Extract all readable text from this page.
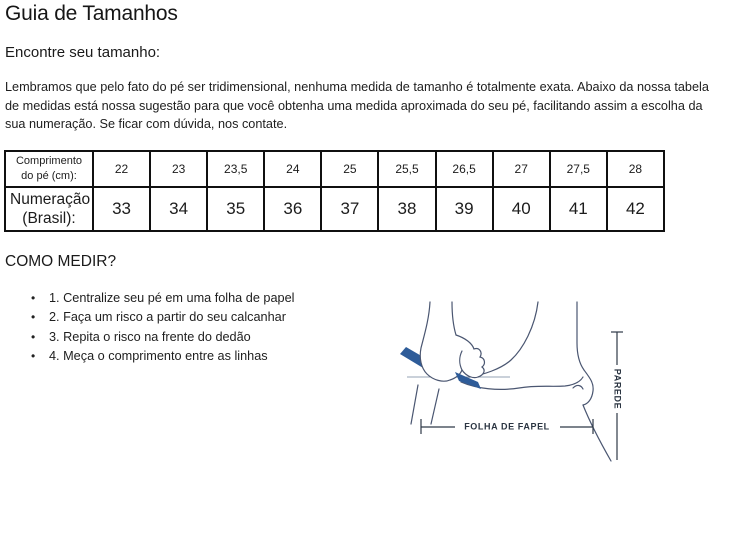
Guia de Tamanhos
Encontre seu tamanho:

Lembramos que pelo fato do pé ser tridimensional, nenhuma medida de tamanho é totalmente exata. Abaixo da nossa tabela de medidas está nossa sugestão para que você obtenha uma medida aproximada do seu pé, facilitando assim a escolha da sua numeração. Se ficar com dúvida, nos contate.

Comprimento do pé (cm):	22	23	23,5	24	25	25,5	26,5	27	27,5	28
Numeração (Brasil):	33	34	35	36	37	38	39	40	41	42
COMO MEDIR?
• 1. Centralize seu pé em uma folha de papel
• 2. Faça um risco a partir do seu calcanhar
• 3. Repita o risco na frente do dedão
• 4. Meça o comprimento entre as linhas
FOLHA DE FAPEL
PAREDE
